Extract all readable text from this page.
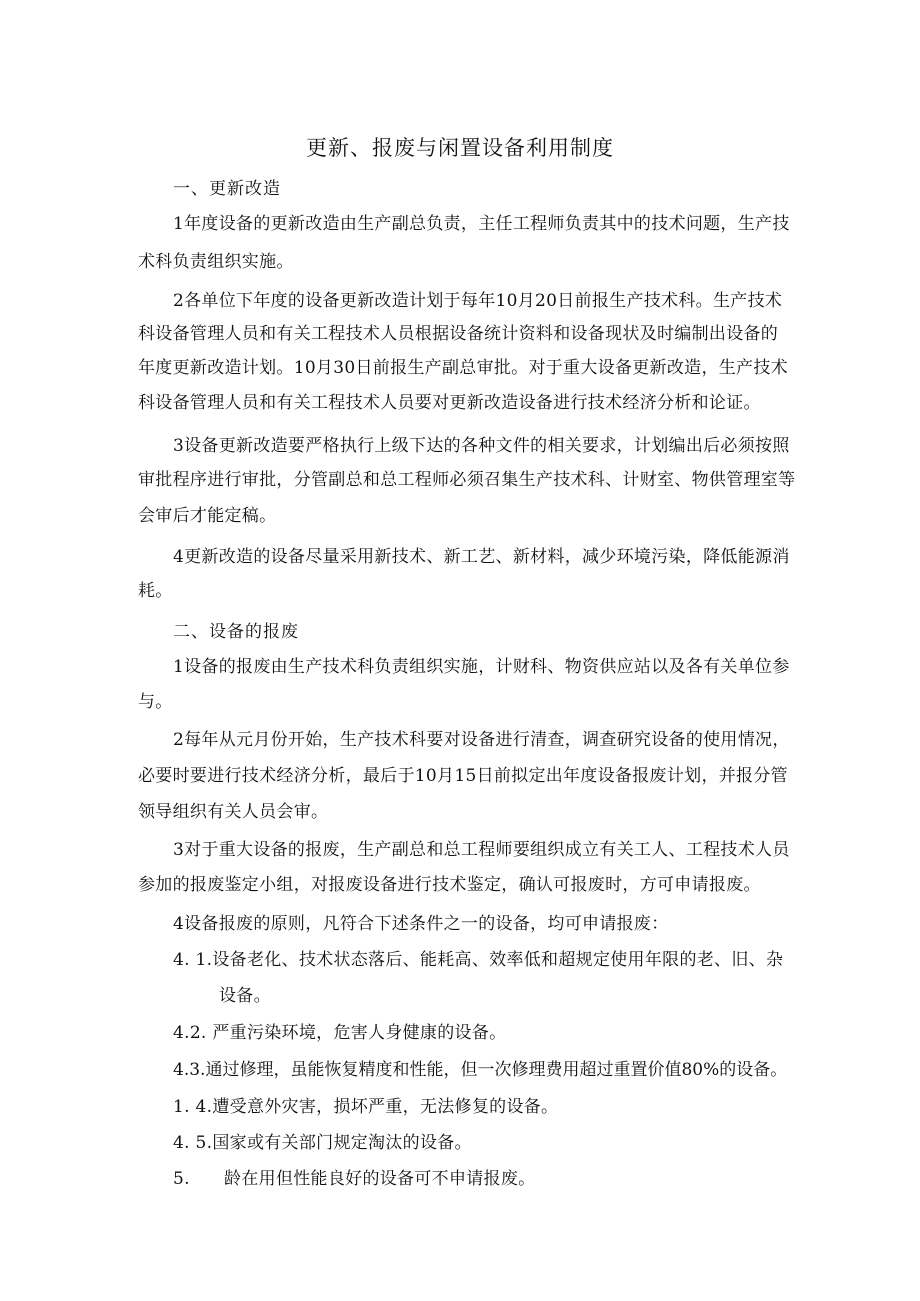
更新、报废与闲置设备利用制度
一、更新改造
1年度设备的更新改造由生产副总负责，主任工程师负责其中的技术问题，生产技
术科负责组织实施。
2各单位下年度的设备更新改造计划于每年10月20日前报生产技术科。生产技术
科设备管理人员和有关工程技术人员根据设备统计资料和设备现状及时编制出设备的
年度更新改造计划。10月30日前报生产副总审批。对于重大设备更新改造，生产技术
科设备管理人员和有关工程技术人员要对更新改造设备进行技术经济分析和论证。
3设备更新改造要严格执行上级下达的各种文件的相关要求，计划编出后必须按照
审批程序进行审批，分管副总和总工程师必须召集生产技术科、计财室、物供管理室等
会审后才能定稿。
4更新改造的设备尽量采用新技术、新工艺、新材料，减少环境污染，降低能源消
耗。
二、设备的报废
1设备的报废由生产技术科负责组织实施，计财科、物资供应站以及各有关单位参
与。
2每年从元月份开始，生产技术科要对设备进行清查，调查研究设备的使用情况，
必要时要进行技术经济分析，最后于10月15日前拟定出年度设备报废计划，并报分管
领导组织有关人员会审。
3对于重大设备的报废，生产副总和总工程师要组织成立有关工人、工程技术人员
参加的报废鉴定小组，对报废设备进行技术鉴定，确认可报废时，方可申请报废。
4设备报废的原则，凡符合下述条件之一的设备，均可申请报废：
4. 1.设备老化、技术状态落后、能耗高、效率低和超规定使用年限的老、旧、杂
设备。
4.2. 严重污染环境，危害人身健康的设备。
4.3.通过修理，虽能恢复精度和性能，但一次修理费用超过重置价值80%的设备。
1. 4.遭受意外灾害，损坏严重，无法修复的设备。
4. 5.国家或有关部门规定淘汰的设备。
5.      龄在用但性能良好的设备可不申请报废。
